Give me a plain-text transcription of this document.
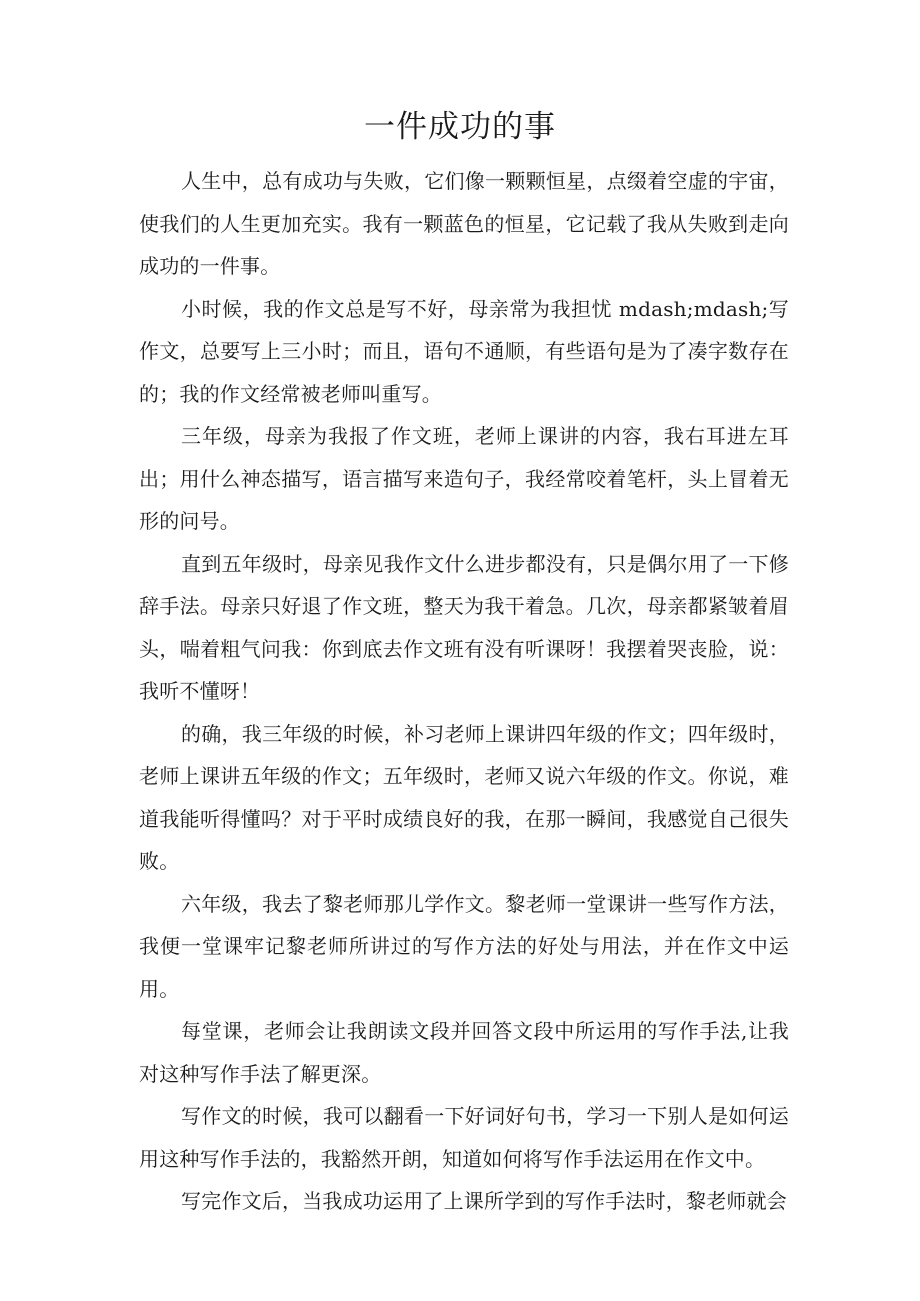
一件成功的事

人生中，总有成功与失败，它们像一颗颗恒星，点缀着空虚的宇宙，使我们的人生更加充实。我有一颗蓝色的恒星，它记载了我从失败到走向成功的一件事。

小时候，我的作文总是写不好，母亲常为我担忧 mdash;mdash;写作文，总要写上三小时；而且，语句不通顺，有些语句是为了凑字数存在的；我的作文经常被老师叫重写。

三年级，母亲为我报了作文班，老师上课讲的内容，我右耳进左耳出；用什么神态描写，语言描写来造句子，我经常咬着笔杆，头上冒着无形的问号。

直到五年级时，母亲见我作文什么进步都没有，只是偶尔用了一下修辞手法。母亲只好退了作文班，整天为我干着急。几次，母亲都紧皱着眉头，喘着粗气问我：你到底去作文班有没有听课呀！我摆着哭丧脸，说：我听不懂呀！

的确，我三年级的时候，补习老师上课讲四年级的作文；四年级时，老师上课讲五年级的作文；五年级时，老师又说六年级的作文。你说，难道我能听得懂吗？对于平时成绩良好的我，在那一瞬间，我感觉自己很失败。

六年级，我去了黎老师那儿学作文。黎老师一堂课讲一些写作方法，我便一堂课牢记黎老师所讲过的写作方法的好处与用法，并在作文中运用。

每堂课，老师会让我朗读文段并回答文段中所运用的写作手法,让我对这种写作手法了解更深。

写作文的时候，我可以翻看一下好词好句书，学习一下别人是如何运用这种写作手法的，我豁然开朗，知道如何将写作手法运用在作文中。

写完作文后，当我成功运用了上课所学到的写作手法时，黎老师就会
